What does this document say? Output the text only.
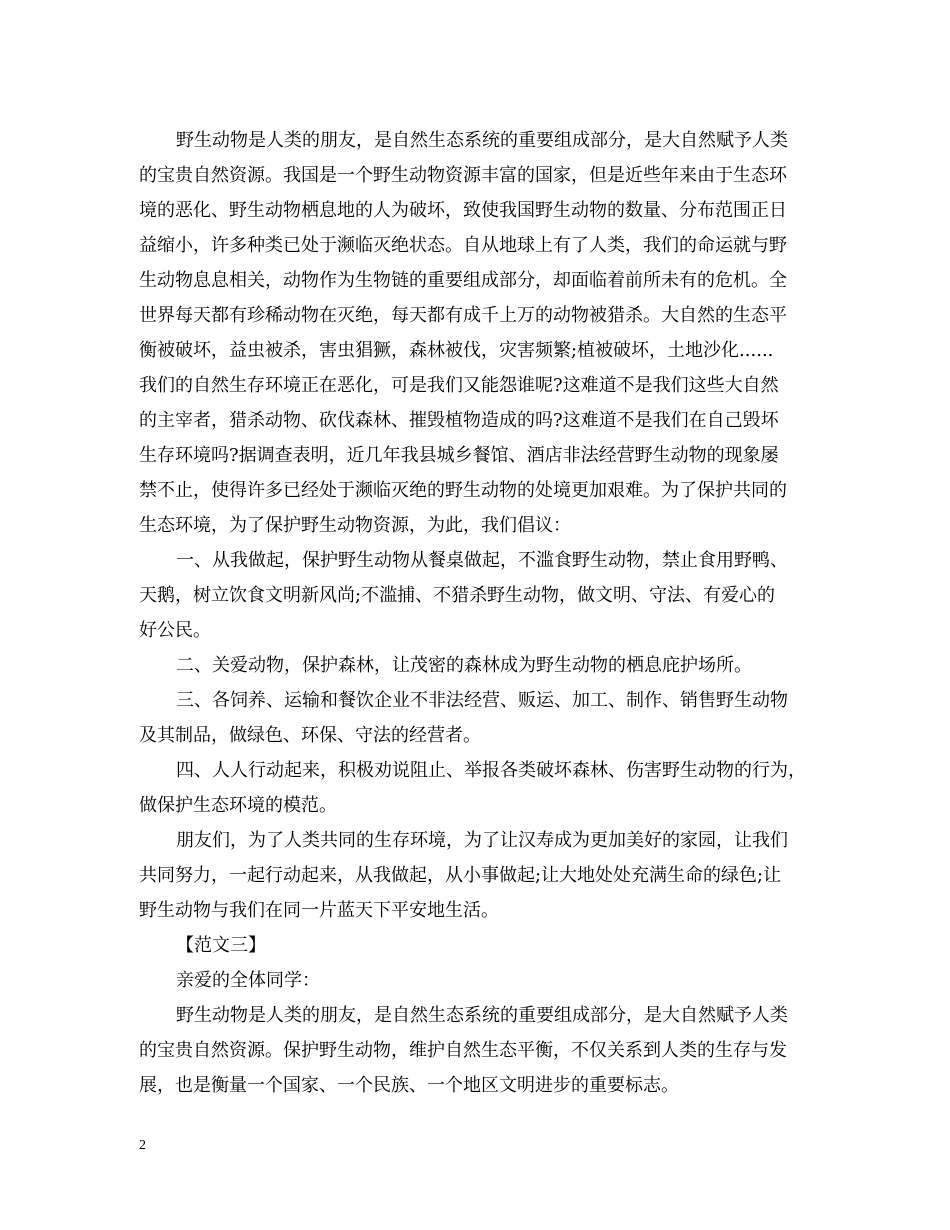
野生动物是人类的朋友，是自然生态系统的重要组成部分，是大自然赋予人类
的宝贵自然资源。我国是一个野生动物资源丰富的国家，但是近些年来由于生态环
境的恶化、野生动物栖息地的人为破坏，致使我国野生动物的数量、分布范围正日
益缩小，许多种类已处于濒临灭绝状态。自从地球上有了人类，我们的命运就与野
生动物息息相关，动物作为生物链的重要组成部分，却面临着前所未有的危机。全
世界每天都有珍稀动物在灭绝，每天都有成千上万的动物被猎杀。大自然的生态平
衡被破坏，益虫被杀，害虫猖獗，森林被伐，灾害频繁;植被破坏，土地沙化......
我们的自然生存环境正在恶化，可是我们又能怨谁呢?这难道不是我们这些大自然
的主宰者，猎杀动物、砍伐森林、摧毁植物造成的吗?这难道不是我们在自己毁坏
生存环境吗?据调查表明，近几年我县城乡餐馆、酒店非法经营野生动物的现象屡
禁不止，使得许多已经处于濒临灭绝的野生动物的处境更加艰难。为了保护共同的
生态环境，为了保护野生动物资源，为此，我们倡议：
一、从我做起，保护野生动物从餐桌做起，不滥食野生动物，禁止食用野鸭、
天鹅，树立饮食文明新风尚;不滥捕、不猎杀野生动物，做文明、守法、有爱心的
好公民。
二、关爱动物，保护森林，让茂密的森林成为野生动物的栖息庇护场所。
三、各饲养、运输和餐饮企业不非法经营、贩运、加工、制作、销售野生动物
及其制品，做绿色、环保、守法的经营者。
四、人人行动起来，积极劝说阻止、举报各类破坏森林、伤害野生动物的行为，
做保护生态环境的模范。
朋友们，为了人类共同的生存环境，为了让汉寿成为更加美好的家园，让我们
共同努力，一起行动起来，从我做起，从小事做起;让大地处处充满生命的绿色;让
野生动物与我们在同一片蓝天下平安地生活。
【范文三】
亲爱的全体同学：
野生动物是人类的朋友，是自然生态系统的重要组成部分，是大自然赋予人类
的宝贵自然资源。保护野生动物，维护自然生态平衡，不仅关系到人类的生存与发
展，也是衡量一个国家、一个民族、一个地区文明进步的重要标志。
2
